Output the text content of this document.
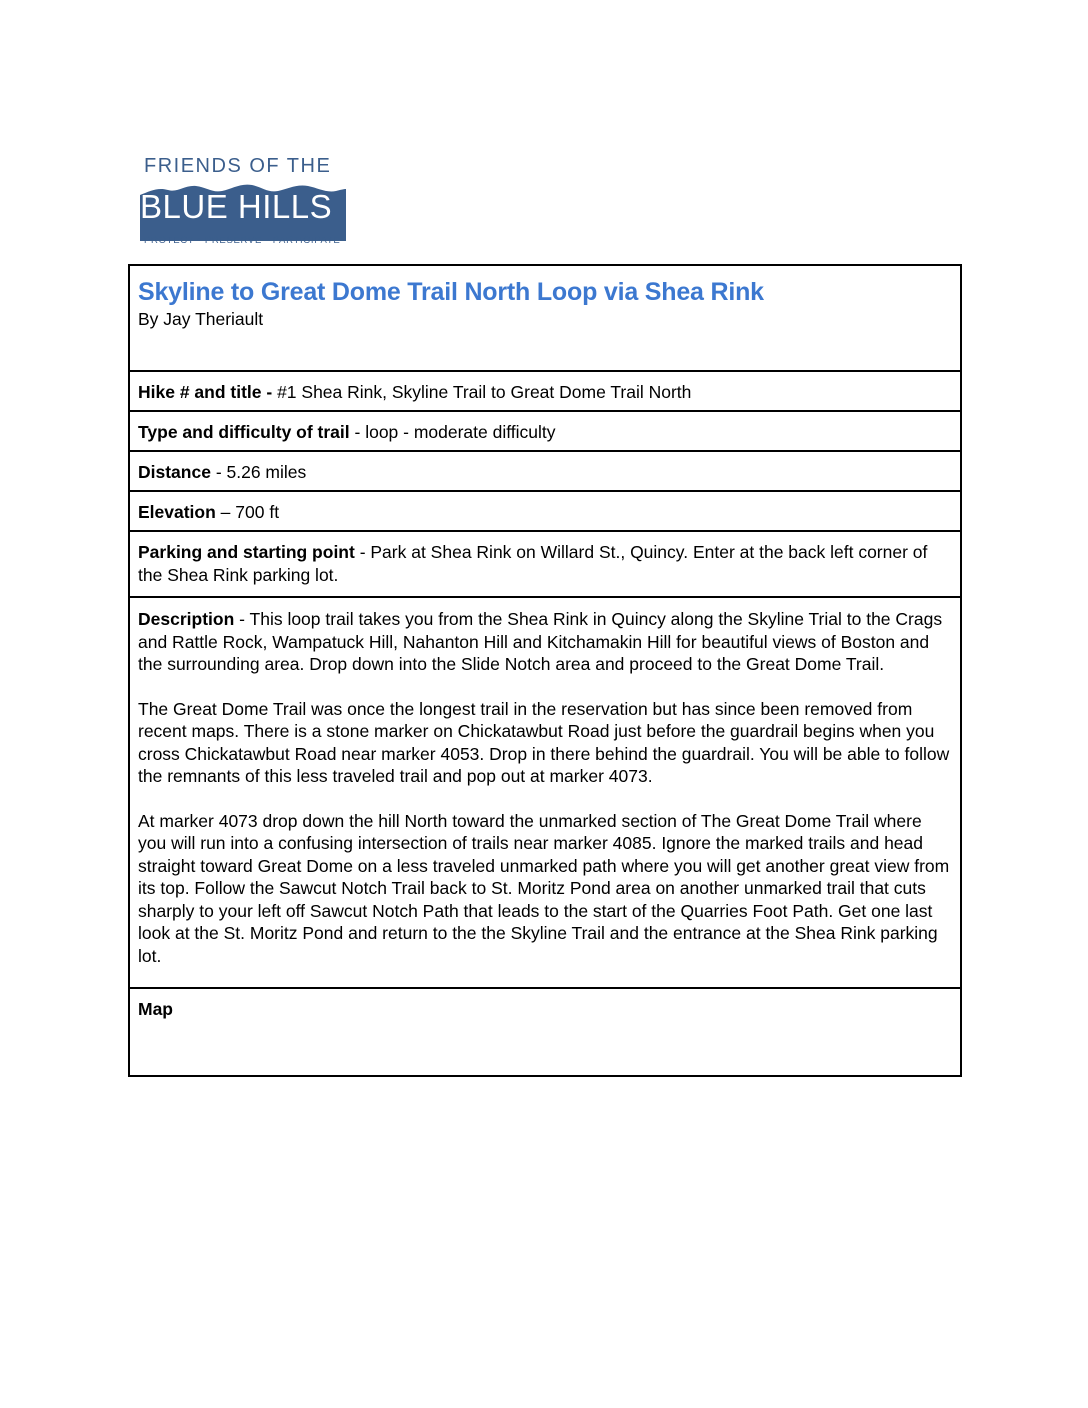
FRIENDS OF THE
BLUE HILLS
PROTECT • PRESERVE • PARTICIPATE
Skyline to Great Dome Trail North Loop via Shea Rink
By Jay Theriault
Hike # and title - #1 Shea Rink, Skyline Trail to Great Dome Trail North
Type and difficulty of trail - loop - moderate difficulty
Distance - 5.26 miles
Elevation – 700 ft
Parking and starting point - Park at Shea Rink on Willard St., Quincy. Enter at the back left corner of the Shea Rink parking lot.

Description - This loop trail takes you from the Shea Rink in Quincy along the Skyline Trial to the Crags and Rattle Rock, Wampatuck Hill, Nahanton Hill and Kitchamakin Hill for beautiful views of Boston and the surrounding area. Drop down into the Slide Notch area and proceed to the Great Dome Trail.

The Great Dome Trail was once the longest trail in the reservation but has since been removed from recent maps. There is a stone marker on Chickatawbut Road just before the guardrail begins when you cross Chickatawbut Road near marker 4053. Drop in there behind the guardrail. You will be able to follow the remnants of this less traveled trail and pop out at marker 4073.

At marker 4073 drop down the hill North toward the unmarked section of The Great Dome Trail where you will run into a confusing intersection of trails near marker 4085. Ignore the marked trails and head straight toward Great Dome on a less traveled unmarked path where you will get another great view from its top. Follow the Sawcut Notch Trail back to St. Moritz Pond area on another unmarked trail that cuts sharply to your left off Sawcut Notch Path that leads to the start of the Quarries Foot Path. Get one last look at the St. Moritz Pond and return to the the Skyline Trail and the entrance at the Shea Rink parking lot.

Map
